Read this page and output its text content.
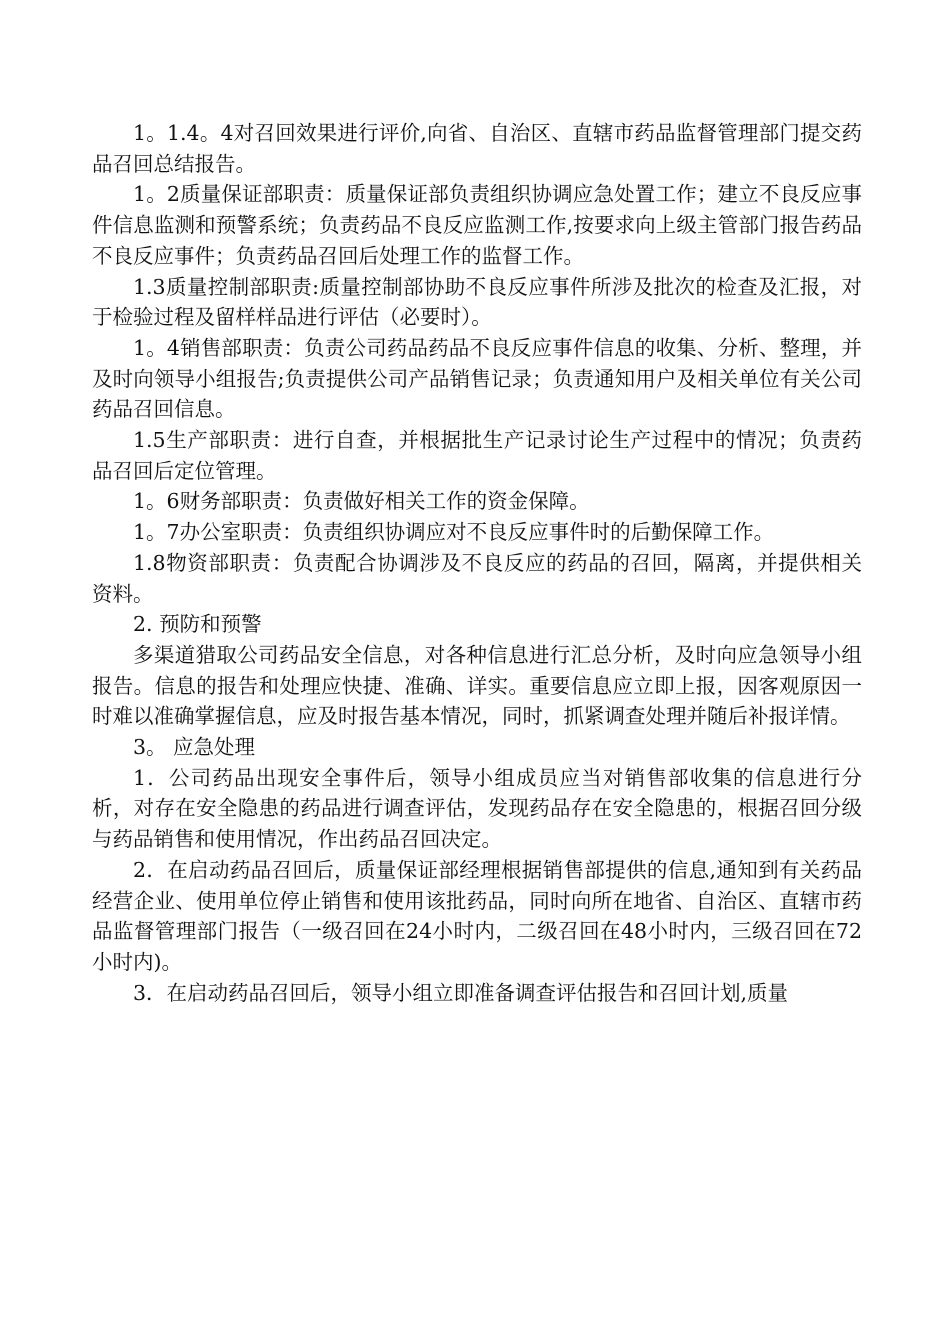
1。1.4。4对召回效果进行评价,向省、自治区、直辖市药品监督管理部门提交药品召回总结报告。

1。2质量保证部职责：质量保证部负责组织协调应急处置工作；建立不良反应事件信息监测和预警系统；负责药品不良反应监测工作,按要求向上级主管部门报告药品不良反应事件；负责药品召回后处理工作的监督工作。

1.3质量控制部职责:质量控制部协助不良反应事件所涉及批次的检查及汇报，对于检验过程及留样样品进行评估（必要时）。

1。4销售部职责：负责公司药品药品不良反应事件信息的收集、分析、整理，并及时向领导小组报告;负责提供公司产品销售记录；负责通知用户及相关单位有关公司药品召回信息。

1.5生产部职责：进行自查，并根据批生产记录讨论生产过程中的情况；负责药品召回后定位管理。

1。6财务部职责：负责做好相关工作的资金保障。

1。7办公室职责：负责组织协调应对不良反应事件时的后勤保障工作。

1.8物资部职责：负责配合协调涉及不良反应的药品的召回，隔离，并提供相关资料。

2. 预防和预警

多渠道猎取公司药品安全信息，对各种信息进行汇总分析，及时向应急领导小组报告。信息的报告和处理应快捷、准确、详实。重要信息应立即上报，因客观原因一时难以准确掌握信息，应及时报告基本情况，同时，抓紧调查处理并随后补报详情。

3。 应急处理

1．公司药品出现安全事件后，领导小组成员应当对销售部收集的信息进行分析，对存在安全隐患的药品进行调查评估，发现药品存在安全隐患的，根据召回分级与药品销售和使用情况，作出药品召回决定。

2．在启动药品召回后，质量保证部经理根据销售部提供的信息,通知到有关药品经营企业、使用单位停止销售和使用该批药品，同时向所在地省、自治区、直辖市药品监督管理部门报告（一级召回在24小时内，二级召回在48小时内，三级召回在72小时内)。

3．在启动药品召回后，领导小组立即准备调查评估报告和召回计划,质量
